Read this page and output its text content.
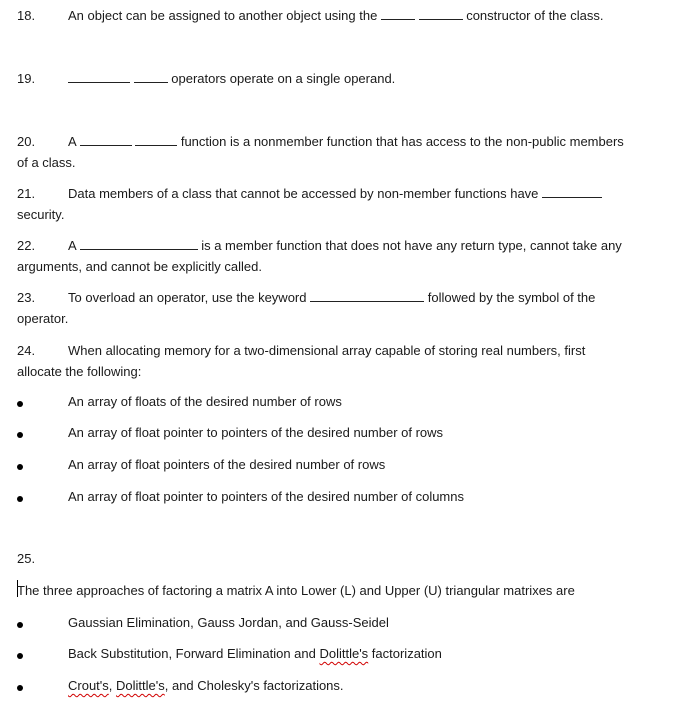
18.	An object can be assigned to another object using the	constructor of the class.
19.	operators operate on a single operand.
20.	A	function is a nonmember function that has access to the non-public members
of a class.
21.	Data members of a class that cannot be accessed by non-member functions have
security.
22.	A	is a member function that does not have any return type, cannot take any
arguments, and cannot be explicitly called.
23.	To overload an operator, use the keyword	followed by the symbol of the
operator.
24.	When allocating memory for a two-dimensional array capable of storing real numbers, first
allocate the following:
An array of floats of the desired number of rows
An array of float pointer to pointers of the desired number of rows
An array of float pointers of the desired number of rows
An array of float pointer to pointers of the desired number of columns
25.
The three approaches of factoring a matrix A into Lower (L) and Upper (U) triangular matrixes are
Gaussian Elimination, Gauss Jordan, and Gauss-Seidel
Back Substitution, Forward Elimination and Dolittle's factorization
Crout's, Dolittle's, and Cholesky's factorizations.
